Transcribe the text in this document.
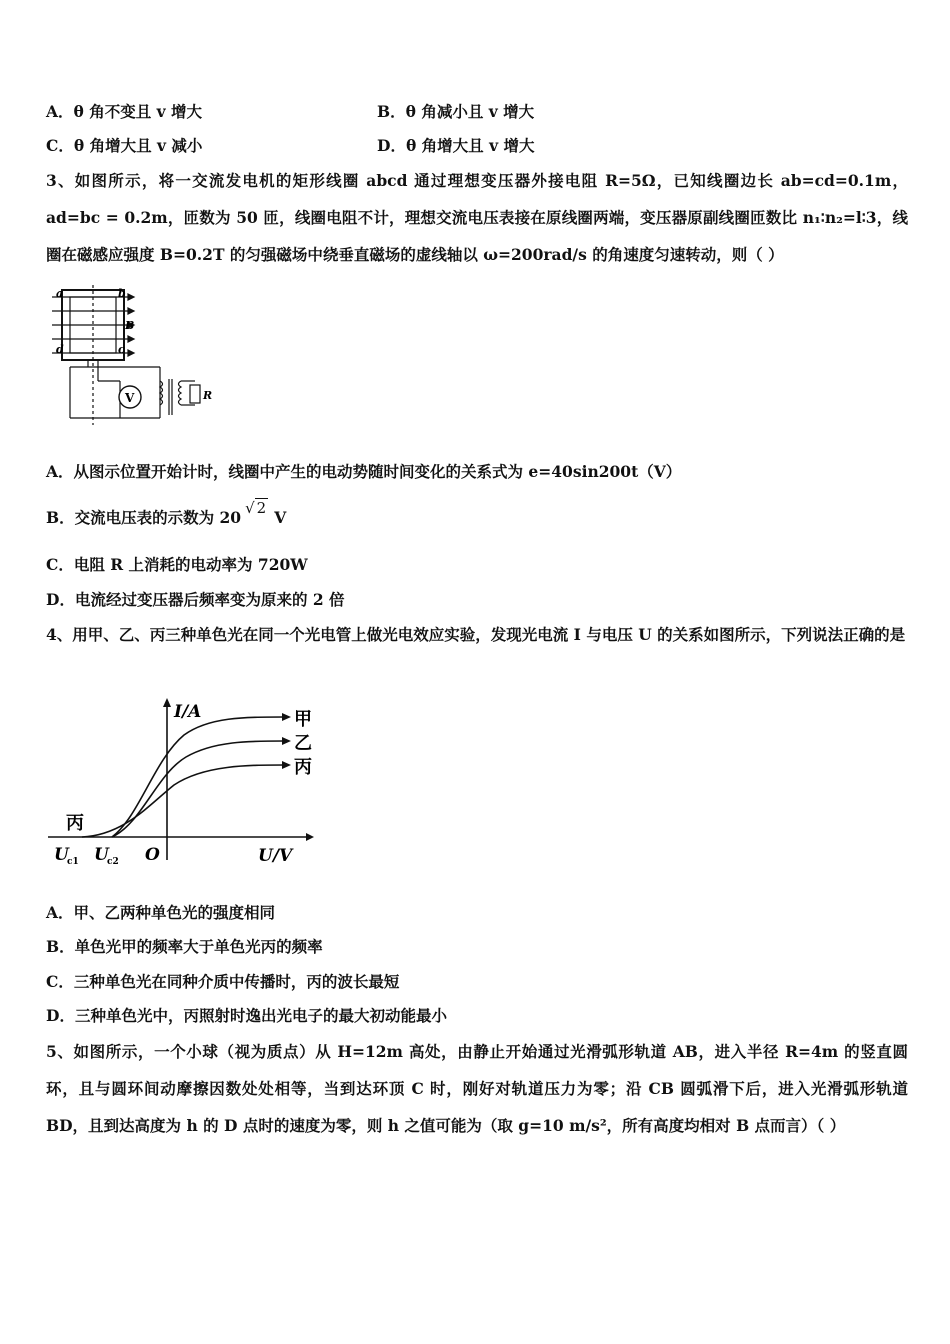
A．θ 角不变且 v 增大	B．θ 角减小且 v 增大
C．θ 角增大且 v 减小	D．θ 角增大且 v 增大
3、如图所示，将一交流发电机的矩形线圈 abcd 通过理想变压器外接电阻 R=5Ω，已知线圈边长 ab=cd=0.1m， ad=bc = 0.2m，匝数为 50 匝，线圈电阻不计，理想交流电压表接在原线圈两端，变压器原副线圈匝数比 n₁∶n₂=l∶3，线圈在磁感应强度 B=0.2T 的匀强磁场中绕垂直磁场的虚线轴以 ω=200rad/s 的角速度匀速转动，则（ ）
a	b
B
d	c
V	R
A．从图示位置开始计时，线圈中产生的电动势随时间变化的关系式为 e=40sin200t（V）
B．交流电压表的示数为 20 √ 2 V
C．电阻 R 上消耗的电动率为 720W
D．电流经过变压器后频率变为原来的 2 倍
4、用甲、乙、丙三种单色光在同一个光电管上做光电效应实验，发现光电流 I 与电压 U 的关系如图所示，下列说法正确的是
I/A
U/V
甲
乙
丙
丙
U
c1 U
c2 O
A．甲、乙两种单色光的强度相同
B．单色光甲的频率大于单色光丙的频率
C．三种单色光在同种介质中传播时，丙的波长最短
D．三种单色光中，丙照射时逸出光电子的最大初动能最小
5、如图所示，一个小球（视为质点）从 H=12m 高处，由静止开始通过光滑弧形轨道 AB，进入半径 R=4m 的竖直圆环，且与圆环间动摩擦因数处处相等，当到达环顶 C 时，刚好对轨道压力为零；沿 CB 圆弧滑下后，进入光滑弧形轨道 BD，且到达高度为 h 的 D 点时的速度为零，则 h 之值可能为（取 g=10 m/s²，所有高度均相对 B 点而言）（ ）
